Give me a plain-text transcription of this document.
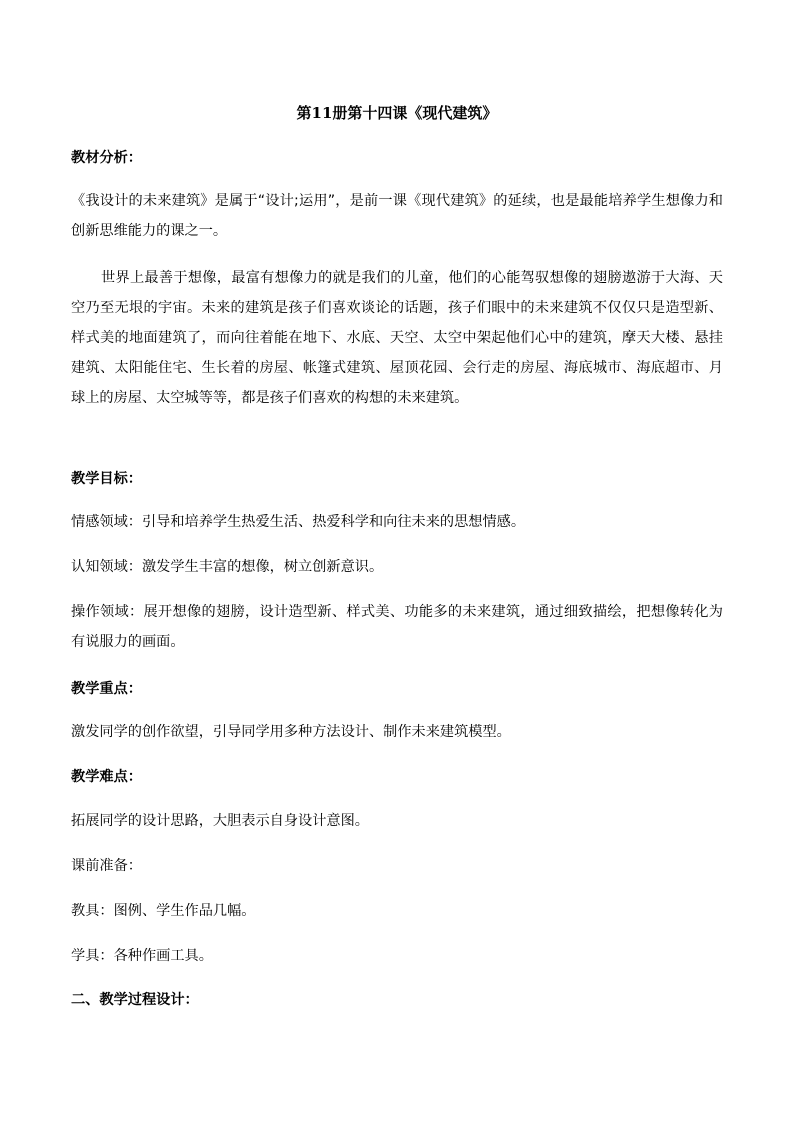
第11册第十四课《现代建筑》
教材分析：

《我设计的未来建筑》是属于“设计;运用”，是前一课《现代建筑》的延续，也是最能培养学生想像力和创新思维能力的课之一。

世界上最善于想像，最富有想像力的就是我们的儿童，他们的心能驾驭想像的翅膀遨游于大海、天空乃至无垠的宇宙。未来的建筑是孩子们喜欢谈论的话题，孩子们眼中的未来建筑不仅仅只是造型新、样式美的地面建筑了，而向往着能在地下、水底、天空、太空中架起他们心中的建筑，摩天大楼、悬挂建筑、太阳能住宅、生长着的房屋、帐篷式建筑、屋顶花园、会行走的房屋、海底城市、海底超市、月球上的房屋、太空城等等，都是孩子们喜欢的构想的未来建筑。

教学目标：

情感领域：引导和培养学生热爱生活、热爱科学和向往未来的思想情感。

认知领域：激发学生丰富的想像，树立创新意识。

操作领域：展开想像的翅膀，设计造型新、样式美、功能多的未来建筑，通过细致描绘，把想像转化为有说服力的画面。

教学重点：

激发同学的创作欲望，引导同学用多种方法设计、制作未来建筑模型。

教学难点：

拓展同学的设计思路，大胆表示自身设计意图。

课前准备：

教具：图例、学生作品几幅。

学具：各种作画工具。

二、教学过程设计：
